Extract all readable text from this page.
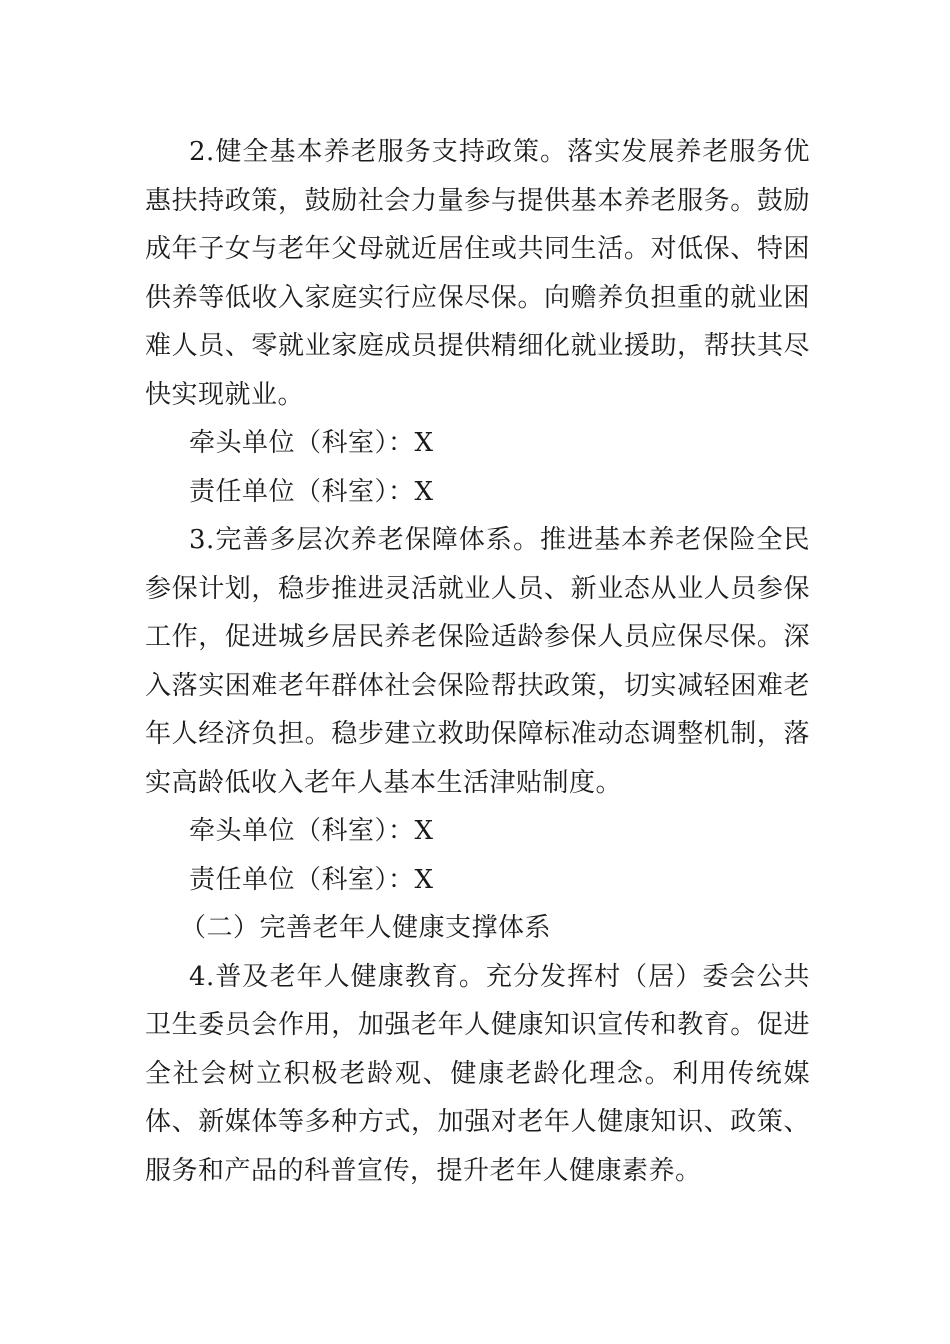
2.健全基本养老服务支持政策。落实发展养老服务优惠扶持政策，鼓励社会力量参与提供基本养老服务。鼓励成年子女与老年父母就近居住或共同生活。对低保、特困供养等低收入家庭实行应保尽保。向赡养负担重的就业困难人员、零就业家庭成员提供精细化就业援助，帮扶其尽快实现就业。

牵头单位（科室）：X

责任单位（科室）：X

3.完善多层次养老保障体系。推进基本养老保险全民参保计划，稳步推进灵活就业人员、新业态从业人员参保工作，促进城乡居民养老保险适龄参保人员应保尽保。深入落实困难老年群体社会保险帮扶政策，切实减轻困难老年人经济负担。稳步建立救助保障标准动态调整机制，落实高龄低收入老年人基本生活津贴制度。

牵头单位（科室）：X

责任单位（科室）：X

（二）完善老年人健康支撑体系

4.普及老年人健康教育。充分发挥村（居）委会公共卫生委员会作用，加强老年人健康知识宣传和教育。促进全社会树立积极老龄观、健康老龄化理念。利用传统媒体、新媒体等多种方式，加强对老年人健康知识、政策、服务和产品的科普宣传，提升老年人健康素养。
